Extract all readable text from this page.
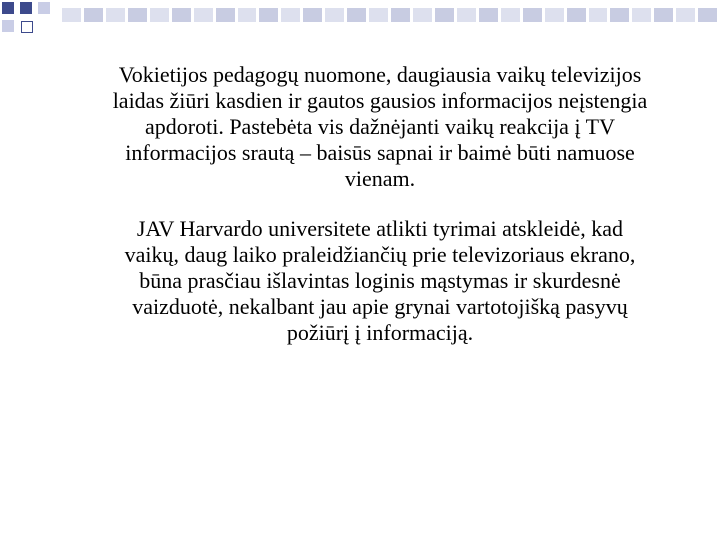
Vokietijos pedagogų nuomone, daugiausia vaikų televizijos laidas žiūri kasdien ir gautos gausios informacijos neįstengia apdoroti. Pastebėta vis dažnėjanti vaikų reakcija į TV informacijos srautą – baisūs sapnai ir baimė būti namuose vienam.

JAV Harvardo universitete atlikti tyrimai atskleidė, kad vaikų, daug laiko praleidžiančių prie televizoriaus ekrano, būna prasčiau išlavintas loginis mąstymas ir skurdesnė vaizduotė, nekalbant jau apie grynai vartotojišką pasyvų požiūrį į informaciją.
